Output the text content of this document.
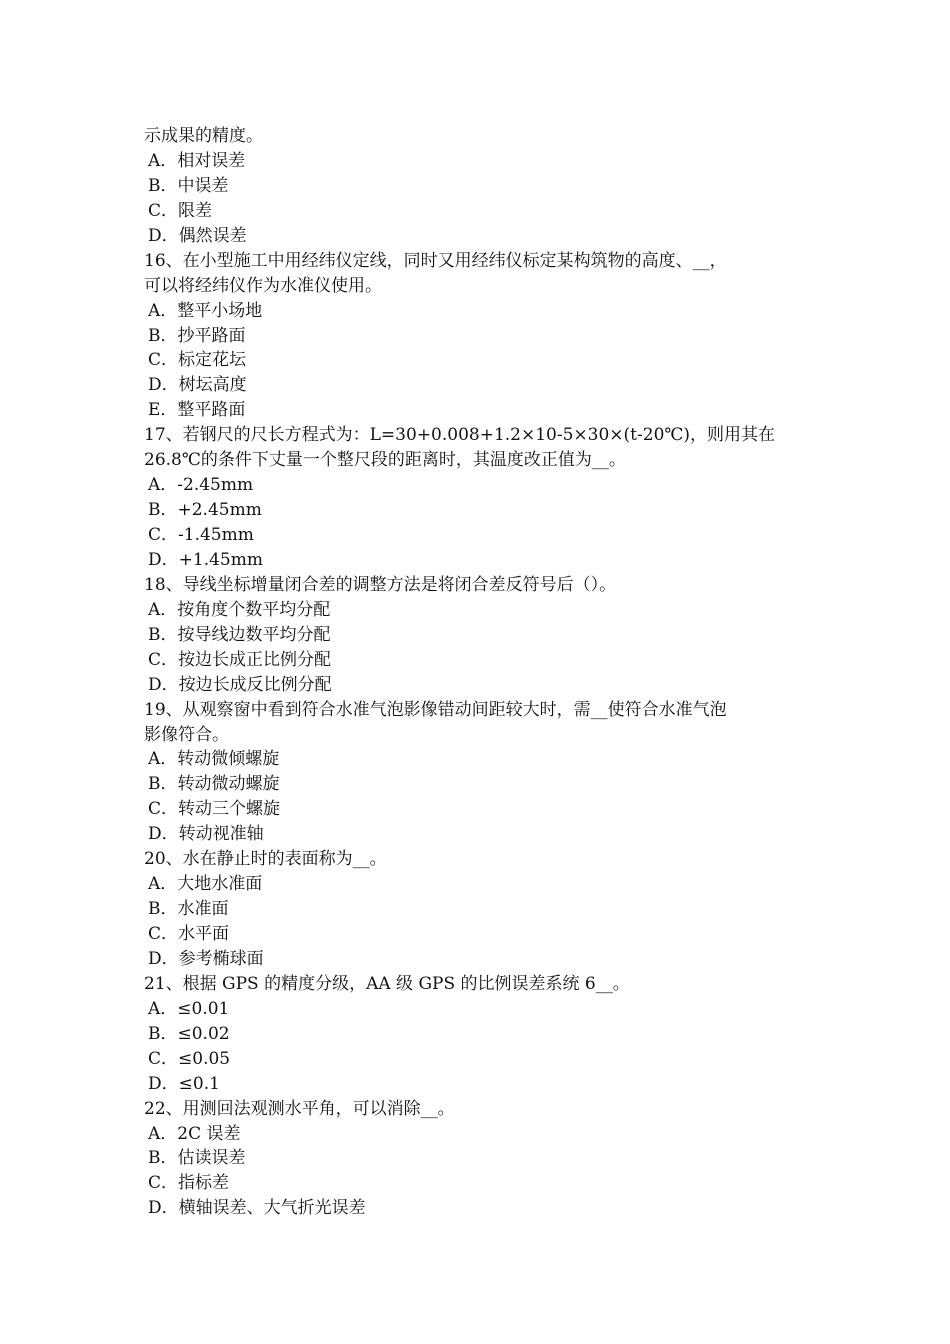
示成果的精度。
A．相对误差
B．中误差
C．限差
D．偶然误差
16、在小型施工中用经纬仪定线，同时又用经纬仪标定某构筑物的高度、__，
可以将经纬仪作为水准仪使用。
A．整平小场地
B．抄平路面
C．标定花坛
D．树坛高度
E．整平路面
17、若钢尺的尺长方程式为：L=30+0.008+1.2×10-5×30×(t-20℃)，则用其在
26.8℃的条件下丈量一个整尺段的距离时，其温度改正值为__。
A．-2.45mm
B．+2.45mm
C．-1.45mm
D．+1.45mm
18、导线坐标增量闭合差的调整方法是将闭合差反符号后（）。
A．按角度个数平均分配
B．按导线边数平均分配
C．按边长成正比例分配
D．按边长成反比例分配
19、从观察窗中看到符合水准气泡影像错动间距较大时，需__使符合水准气泡
影像符合。
A．转动微倾螺旋
B．转动微动螺旋
C．转动三个螺旋
D．转动视准轴
20、水在静止时的表面称为__。
A．大地水准面
B．水准面
C．水平面
D．参考椭球面
21、根据 GPS 的精度分级，AA 级 GPS 的比例误差系统 6__。
A．≤0.01
B．≤0.02
C．≤0.05
D．≤0.1
22、用测回法观测水平角，可以消除__。
A．2C 误差
B．估读误差
C．指标差
D．横轴误差、大气折光误差
